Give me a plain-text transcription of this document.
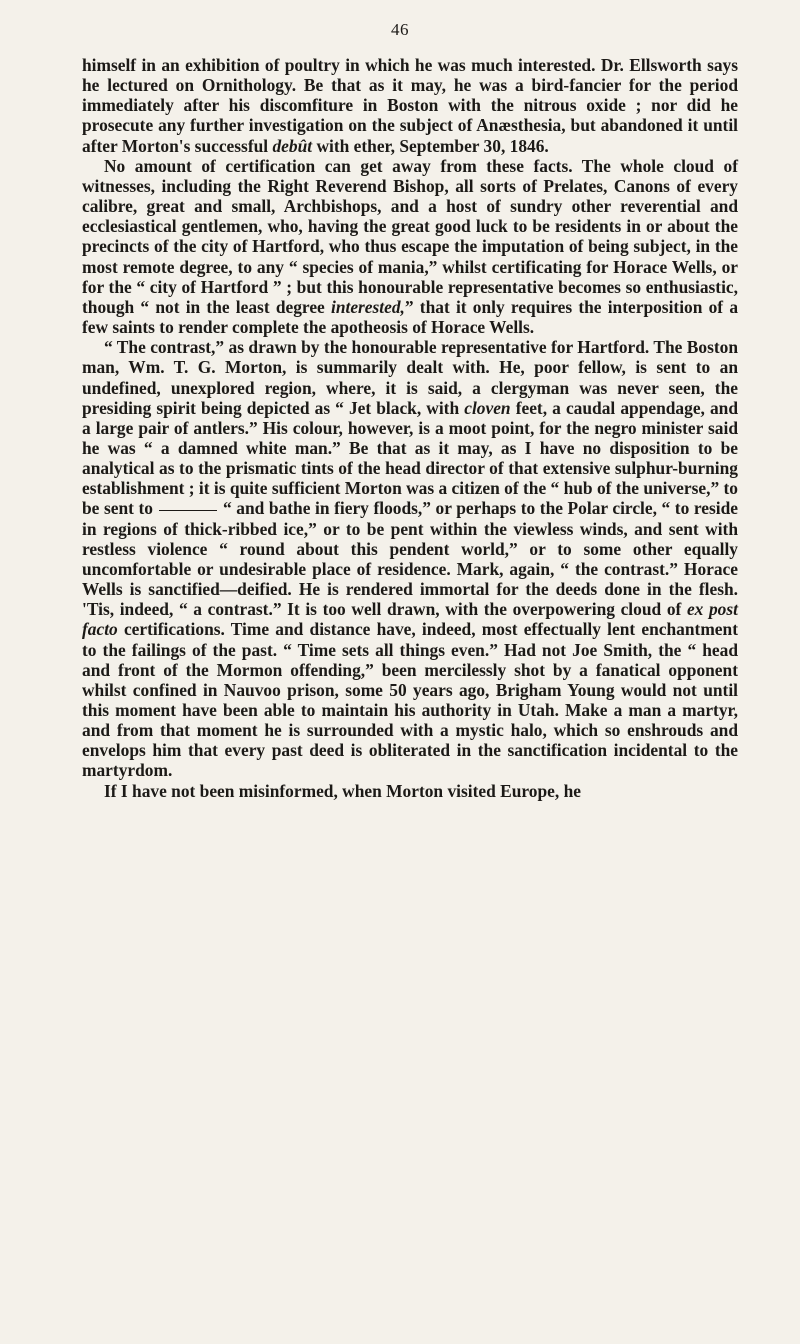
46

himself in an exhibition of poultry in which he was much interested. Dr. Ellsworth says he lectured on Ornithology. Be that as it may, he was a bird-fancier for the period immediately after his discomfiture in Boston with the nitrous oxide ; nor did he prosecute any further investigation on the subject of Anæsthesia, but abandoned it until after Morton's successful debût with ether, September 30, 1846.

No amount of certification can get away from these facts. The whole cloud of witnesses, including the Right Reverend Bishop, all sorts of Prelates, Canons of every calibre, great and small, Archbishops, and a host of sundry other reverential and ecclesiastical gentlemen, who, having the great good luck to be residents in or about the precincts of the city of Hartford, who thus escape the imputation of being subject, in the most remote degree, to any “ species of mania,” whilst certificating for Horace Wells, or for the “ city of Hartford ” ; but this honourable representative becomes so enthusiastic, though “ not in the least degree interested,” that it only requires the interposition of a few saints to render complete the apotheosis of Horace Wells.

“ The contrast,” as drawn by the honourable representative for Hartford. The Boston man, Wm. T. G. Morton, is summarily dealt with. He, poor fellow, is sent to an undefined, unexplored region, where, it is said, a clergyman was never seen, the presiding spirit being depicted as “ Jet black, with cloven feet, a caudal appendage, and a large pair of antlers.” His colour, however, is a moot point, for the negro minister said he was “ a damned white man.” Be that as it may, as I have no disposition to be analytical as to the prismatic tints of the head director of that extensive sulphur-burning establishment ; it is quite sufficient Morton was a citizen of the “ hub of the universe,” to be sent to	“ and bathe in fiery floods,” or perhaps to the Polar circle, “ to reside in regions of thick-ribbed ice,” or to be pent within the viewless winds, and sent with restless violence “ round about this pendent world,” or to some other equally uncomfortable or undesirable place of residence. Mark, again, “ the contrast.” Horace Wells is sanctified—deified. He is rendered immortal for the deeds done in the flesh. 'Tis, indeed, “ a contrast.” It is too well drawn, with the overpowering cloud of ex post facto certifications. Time and distance have, indeed, most effectually lent enchantment to the failings of the past. “ Time sets all things even.” Had not Joe Smith, the “ head and front of the Mormon offending,” been mercilessly shot by a fanatical opponent whilst confined in Nauvoo prison, some 50 years ago, Brigham Young would not until this moment have been able to maintain his authority in Utah. Make a man a martyr, and from that moment he is surrounded with a mystic halo, which so enshrouds and envelops him that every past deed is obliterated in the sanctification incidental to the martyrdom.

If I have not been misinformed, when Morton visited Europe, he
